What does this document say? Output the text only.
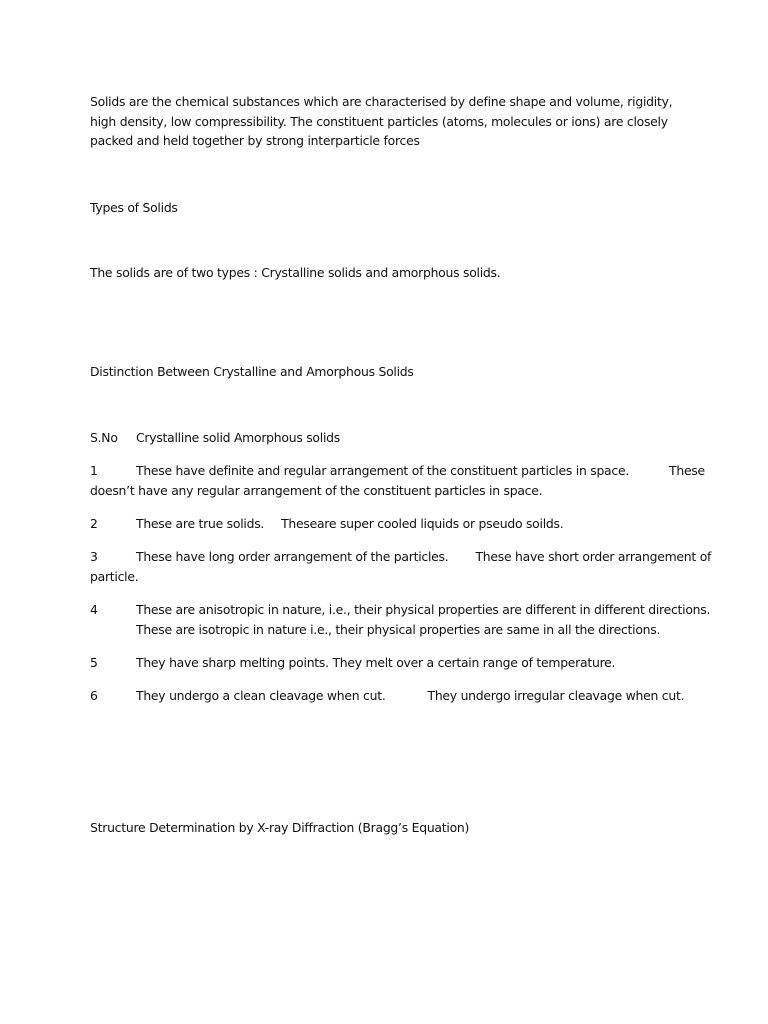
Solids are the chemical substances which are characterised by define shape and volume, rigidity, high density, low compressibility. The constituent particles (atoms, molecules or ions) are closely packed and held together by strong interparticle forces
Types of Solids
The solids are of two types : Crystalline solids and amorphous solids.
Distinction Between Crystalline and Amorphous Solids
S.No Crystalline solid Amorphous solids
1	These have definite and regular arrangement of the constituent particles in space.	These
doesn’t have any regular arrangement of the constituent particles in space.
2	These are true solids. Theseare super cooled liquids or pseudo soilds.
3	These have long order arrangement of the particles. These have short order arrangement of
particle.
4	These are anisotropic in nature, i.e., their physical properties are different in different directions.
These are isotropic in nature i.e., their physical properties are same in all the directions.
5	They have sharp melting points. They melt over a certain range of temperature.
6	They undergo a clean cleavage when cut.	They undergo irregular cleavage when cut.
Structure Determination by X-ray Diffraction (Bragg’s Equation)
